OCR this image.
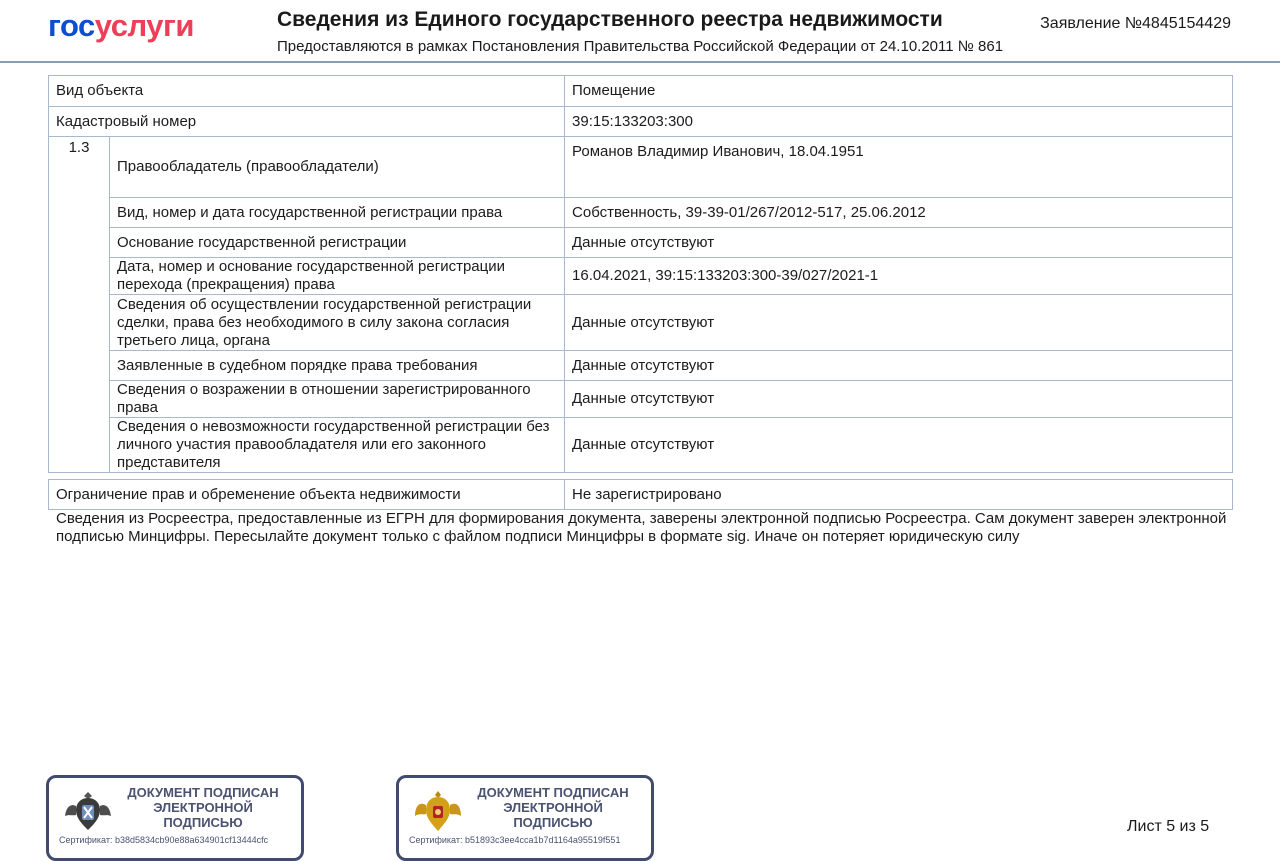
госуслуги	Сведения из Единого государственного реестра недвижимости
Предоставляются в рамках Постановления Правительства Российской Федерации от 24.10.2011 № 861
Заявление №4845154429
Вид объекта		Помещение
Кадастровый номер		39:15:133203:300
1.3	Правообладатель (правообладатели)	Романов Владимир Иванович, 18.04.1951
	Вид, номер и дата государственной регистрации права	Собственность, 39-39-01/267/2012-517, 25.06.2012
	Основание государственной регистрации	Данные отсутствуют
	Дата, номер и основание государственной регистрации перехода (прекращения) права	16.04.2021, 39:15:133203:300-39/027/2021-1
	Сведения об осуществлении государственной регистрации сделки, права без необходимого в силу закона согласия третьего лица, органа	Данные отсутствуют
	Заявленные в судебном порядке права требования	Данные отсутствуют
	Сведения о возражении в отношении зарегистрированного права	Данные отсутствуют
	Сведения о невозможности государственной регистрации без личного участия правообладателя или его законного представителя	Данные отсутствуют
Ограничение прав и обременение объекта недвижимости	Не зарегистрировано
Сведения из Росреестра, предоставленные из ЕГРН для формирования документа, заверены электронной подписью Росреестра. Сам документ заверен электронной подписью Минцифры. Пересылайте документ только с файлом подписи Минцифры в формате sig. Иначе он потеряет юридическую силу
ДОКУМЕНТ ПОДПИСАН
ЭЛЕКТРОННОЙ
ПОДПИСЬЮ
Сертификат: b38d5834cb90e88a634901cf13444cfc
ДОКУМЕНТ ПОДПИСАН
ЭЛЕКТРОННОЙ
ПОДПИСЬЮ
Сертификат: b51893c3ee4cca1b7d1164a95519f551
Лист 5 из 5
